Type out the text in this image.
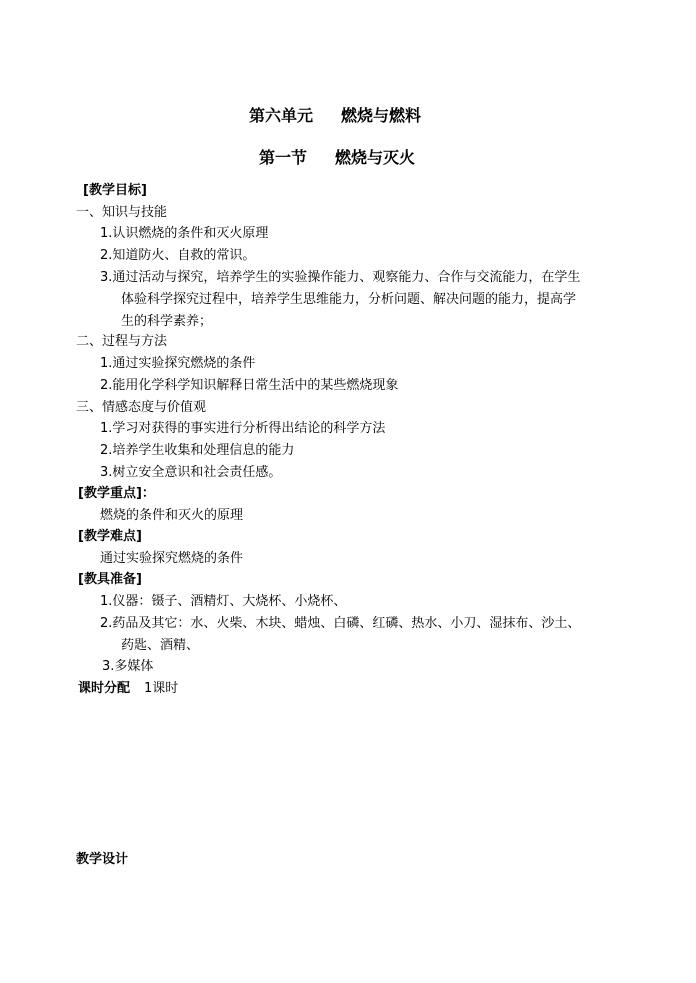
第六单元 燃烧与燃料
第一节 燃烧与灭火
[教学目标]
一、知识与技能
1.认识燃烧的条件和灭火原理
2.知道防火、自救的常识。
3.通过活动与探究，培养学生的实验操作能力、观察能力、合作与交流能力，在学生
体验科学探究过程中，培养学生思维能力，分析问题、解决问题的能力，提高学
生的科学素养；
二、过程与方法
1.通过实验探究燃烧的条件
2.能用化学科学知识解释日常生活中的某些燃烧现象
三、情感态度与价值观
1.学习对获得的事实进行分析得出结论的科学方法
2.培养学生收集和处理信息的能力
3.树立安全意识和社会责任感。
[教学重点]：
燃烧的条件和灭火的原理
[教学难点]
通过实验探究燃烧的条件
[教具准备]
1.仪器：镊子、酒精灯、大烧杯、小烧杯、
2.药品及其它：水、火柴、木块、蜡烛、白磷、红磷、热水、小刀、湿抹布、沙土、
药匙、酒精、
3.多媒体
课时分配 1课时
教学设计
